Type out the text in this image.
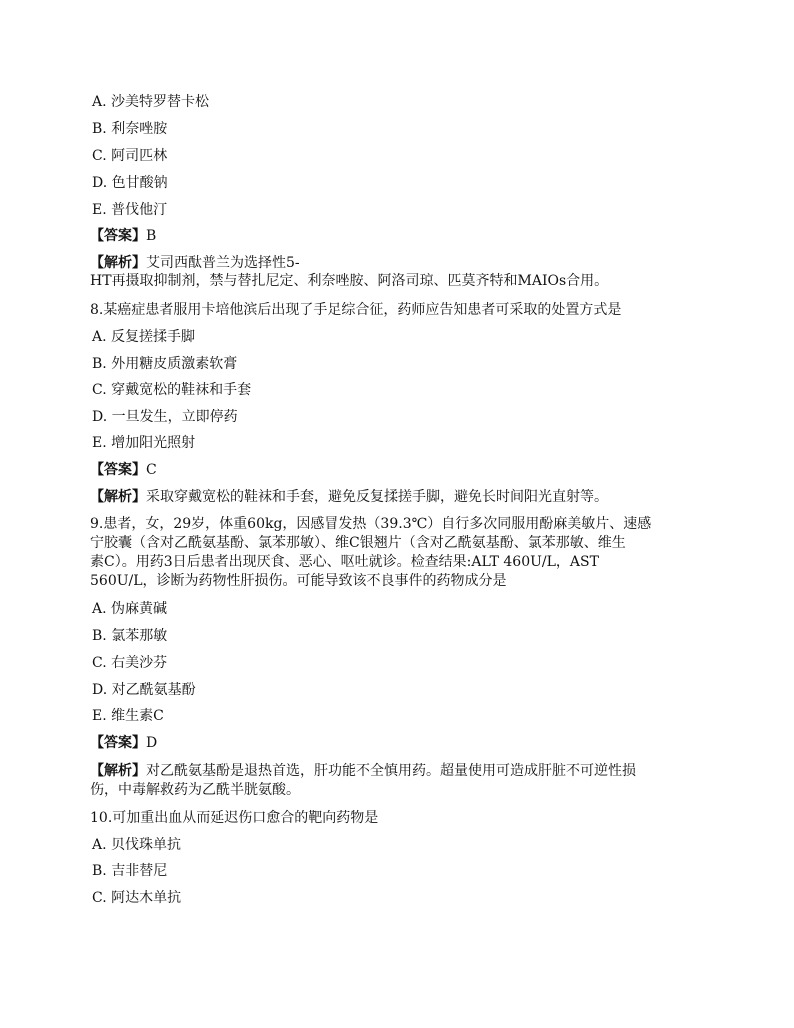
A. 沙美特罗替卡松
B. 利奈唑胺
C. 阿司匹林
D. 色甘酸钠
E. 普伐他汀
【答案】B
【解析】艾司西酞普兰为选择性5-
HT再摄取抑制剂，禁与替扎尼定、利奈唑胺、阿洛司琼、匹莫齐特和MAIOs合用。
8.某癌症患者服用卡培他滨后出现了手足综合征，药师应告知患者可采取的处置方式是
A. 反复搓揉手脚
B. 外用糖皮质激素软膏
C. 穿戴宽松的鞋袜和手套
D. 一旦发生，立即停药
E. 增加阳光照射
【答案】C
【解析】采取穿戴宽松的鞋袜和手套，避免反复揉搓手脚，避免长时间阳光直射等。
9.患者，女，29岁，体重60kg，因感冒发热（39.3℃）自行多次同服用酚麻美敏片、速感
宁胶囊（含对乙酰氨基酚、氯苯那敏）、维C银翘片（含对乙酰氨基酚、氯苯那敏、维生
素C）。用药3日后患者出现厌食、恶心、呕吐就诊。检查结果:ALT 460U/L，AST
560U/L，诊断为药物性肝损伤。可能导致该不良事件的药物成分是
A. 伪麻黄碱
B. 氯苯那敏
C. 右美沙芬
D. 对乙酰氨基酚
E. 维生素C
【答案】D
【解析】对乙酰氨基酚是退热首选，肝功能不全慎用药。超量使用可造成肝脏不可逆性损
伤，中毒解救药为乙酰半胱氨酸。
10.可加重出血从而延迟伤口愈合的靶向药物是
A. 贝伐珠单抗
B. 吉非替尼
C. 阿达木单抗
